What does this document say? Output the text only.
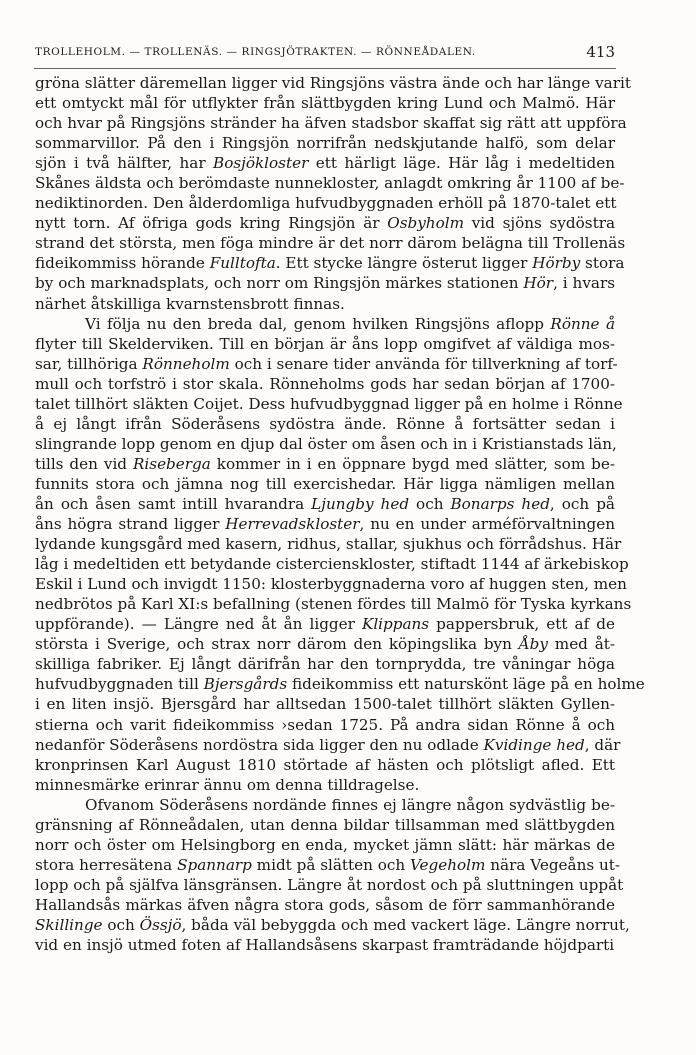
TROLLEHOLM. — TROLLENÄS. — RINGSJÖTRAKTEN. — RÖNNEÅDALEN.	413
gröna slätter däremellan ligger vid Ringsjöns västra ände och har länge varit
ett omtyckt mål för utflykter från slättbygden kring Lund och Malmö. Här
och hvar på Ringsjöns stränder ha äfven stadsbor skaffat sig rätt att uppföra
sommarvillor. På den i Ringsjön norrifrån nedskjutande halfö, som delar
sjön i två hälfter, har Bosjökloster ett härligt läge. Här låg i medeltiden
Skånes äldsta och berömdaste nunnekloster, anlagdt omkring år 1100 af be-
nediktinorden. Den ålderdomliga hufvudbyggnaden erhöll på 1870-talet ett
nytt torn. Af öfriga gods kring Ringsjön är Osbyholm vid sjöns sydöstra
strand det största, men föga mindre är det norr därom belägna till Trollenäs
fideikommiss hörande Fulltofta. Ett stycke längre österut ligger Hörby stora
by och marknadsplats, och norr om Ringsjön märkes stationen Hör, i hvars
närhet åtskilliga kvarnstensbrott finnas.
Vi följa nu den breda dal, genom hvilken Ringsjöns aflopp Rönne å
flyter till Skelderviken. Till en början är åns lopp omgifvet af väldiga mos-
sar, tillhöriga Rönneholm och i senare tider använda för tillverkning af torf-
mull och torfströ i stor skala. Rönneholms gods har sedan början af 1700-
talet tillhört släkten Coijet. Dess hufvudbyggnad ligger på en holme i Rönne
å ej långt ifrån Söderåsens sydöstra ände. Rönne å fortsätter sedan i
slingrande lopp genom en djup dal öster om åsen och in i Kristianstads län,
tills den vid Riseberga kommer in i en öppnare bygd med slätter, som be-
funnits stora och jämna nog till exercishedar. Här ligga nämligen mellan
ån och åsen samt intill hvarandra Ljungby hed och Bonarps hed, och på
åns högra strand ligger Herrevadskloster, nu en under arméförvaltningen
lydande kungsgård med kasern, ridhus, stallar, sjukhus och förrådshus. Här
låg i medeltiden ett betydande cistercienskloster, stiftadt 1144 af ärkebiskop
Eskil i Lund och invigdt 1150: klosterbyggnaderna voro af huggen sten, men
nedbrötos på Karl XI:s befallning (stenen fördes till Malmö för Tyska kyrkans
uppförande). — Längre ned åt ån ligger Klippans pappersbruk, ett af de
största i Sverige, och strax norr därom den köpingslika byn Åby med åt-
skilliga fabriker. Ej långt därifrån har den tornprydda, tre våningar höga
hufvudbyggnaden till Bjersgårds fideikommiss ett naturskönt läge på en holme
i en liten insjö. Bjersgård har alltsedan 1500-talet tillhört släkten Gyllen-
stierna och varit fideikommiss ›sedan 1725. På andra sidan Rönne å och
nedanför Söderåsens nordöstra sida ligger den nu odlade Kvidinge hed, där
kronprinsen Karl August 1810 störtade af hästen och plötsligt afled. Ett
minnesmärke erinrar ännu om denna tilldragelse.
Ofvanom Söderåsens nordände finnes ej längre någon sydvästlig be-
gränsning af Rönneådalen, utan denna bildar tillsamman med slättbygden
norr och öster om Helsingborg en enda, mycket jämn slätt: här märkas de
stora herresätena Spannarp midt på slätten och Vegeholm nära Vegeåns ut-
lopp och på själfva länsgränsen. Längre åt nordost och på sluttningen uppåt
Hallandsås märkas äfven några stora gods, såsom de förr sammanhörande
Skillinge och Össjö, båda väl bebyggda och med vackert läge. Längre norrut,
vid en insjö utmed foten af Hallandsåsens skarpast framträdande höjdparti
